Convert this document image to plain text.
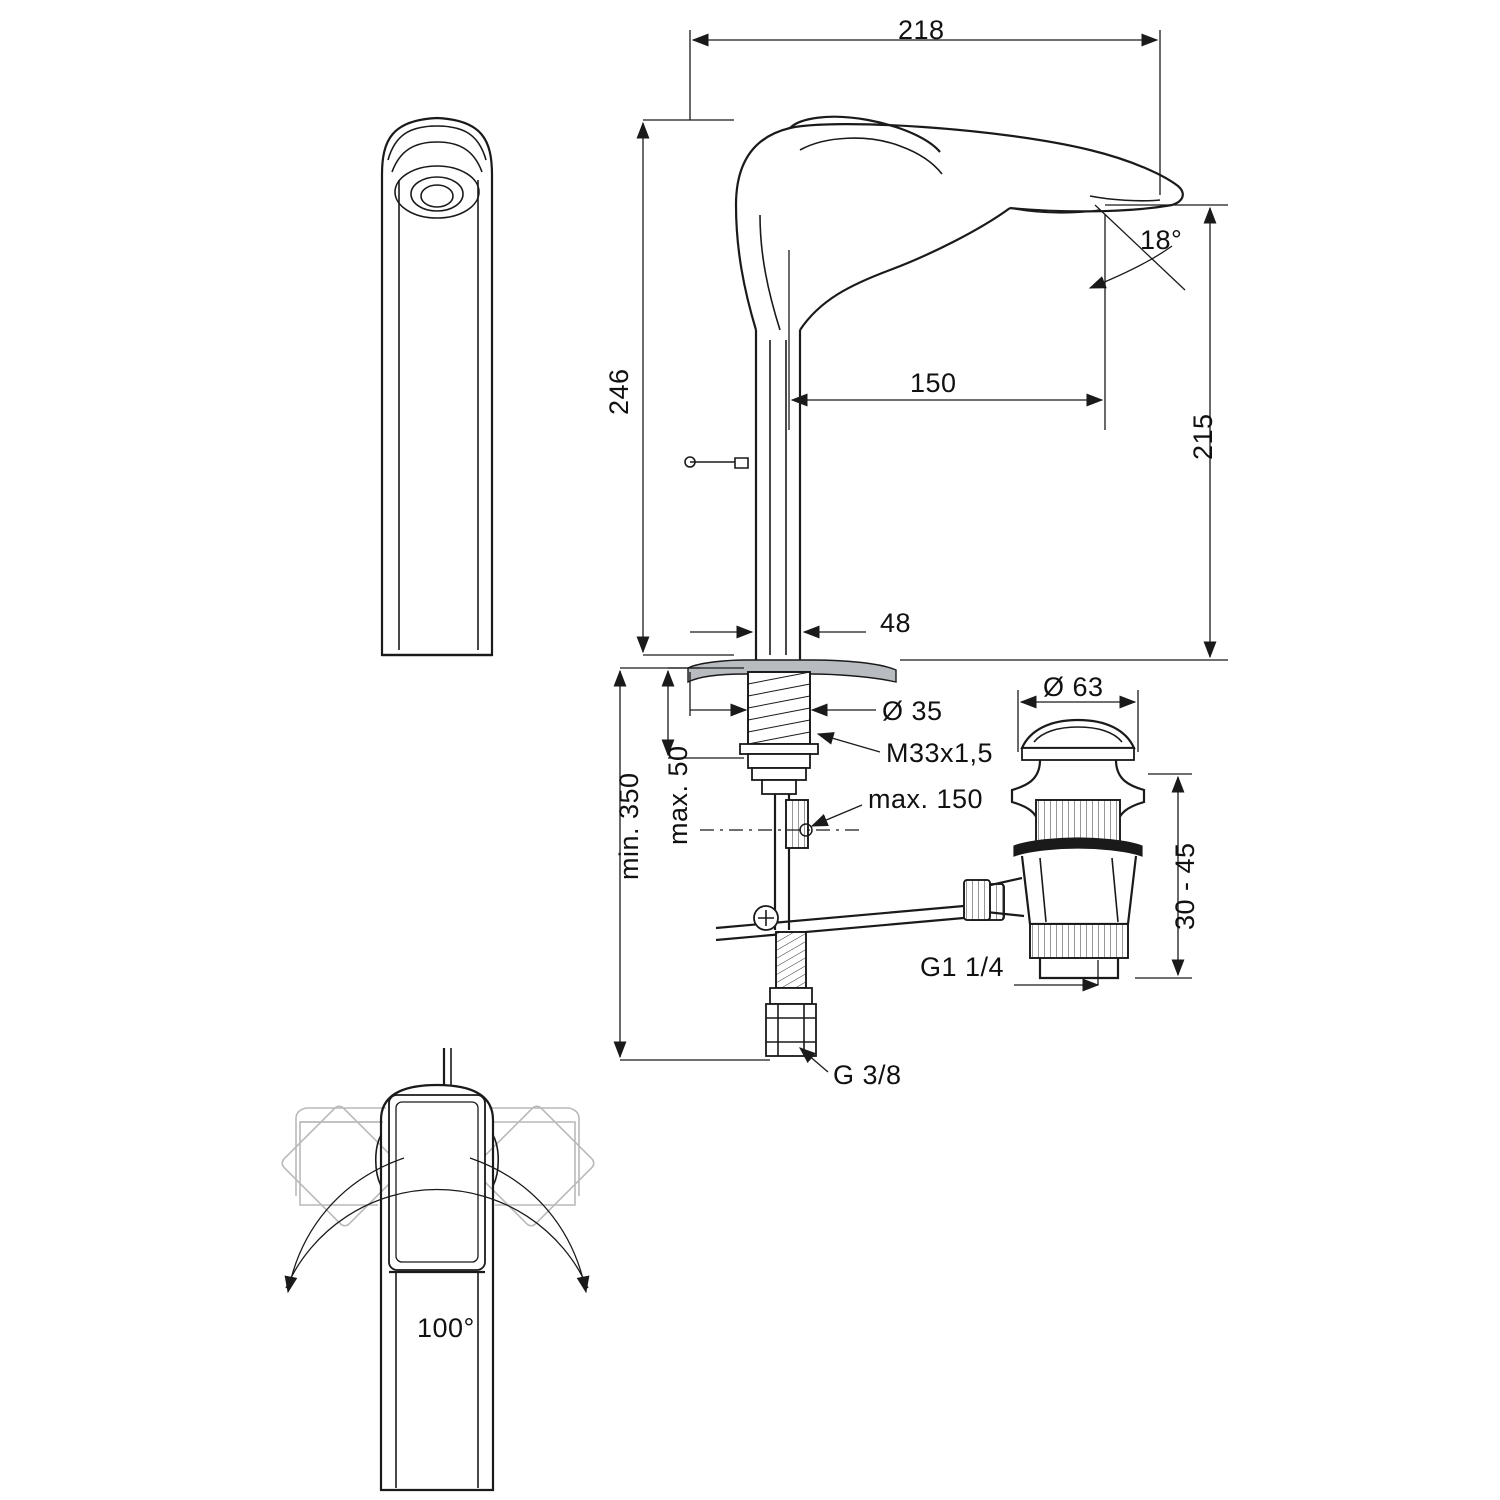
218
246
215
150
48
18°
Ø 35
M33x1,5
max. 50	max. 150
min. 350
G 3/8
Ø 63
G1 1/4
30 - 45
100°
